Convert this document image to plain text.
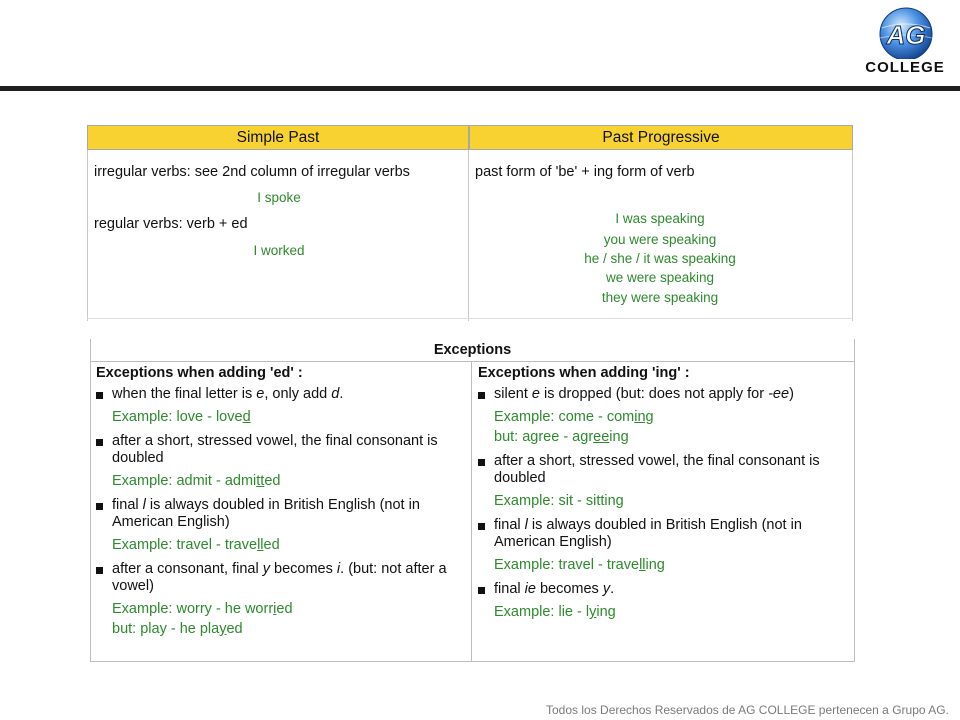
AG
COLLEGE
Simple Past	Past Progressive
irregular verbs: see 2nd column of irregular verbs
I spoke
regular verbs: verb + ed
I worked
past form of 'be' + ing form of verb
I was speaking
you were speaking
he / she / it was speaking
we were speaking
they were speaking
Exceptions
Exceptions when adding 'ed' :
when the final letter is e, only add d.
Example: love - loved
after a short, stressed vowel, the final consonant is doubled
Example: admit - admitted
final l is always doubled in British English (not in American English)
Example: travel - travelled
after a consonant, final y becomes i. (but: not after a vowel)
Example: worry - he worried
but: play - he played
Exceptions when adding 'ing' :
silent e is dropped (but: does not apply for -ee)
Example: come - coming
but: agree - agreeing
after a short, stressed vowel, the final consonant is doubled
Example: sit - sitting
final l is always doubled in British English (not in American English)
Example: travel - travelling
final ie becomes y.
Example: lie - lying
Todos los Derechos Reservados de AG COLLEGE pertenecen a Grupo AG.
